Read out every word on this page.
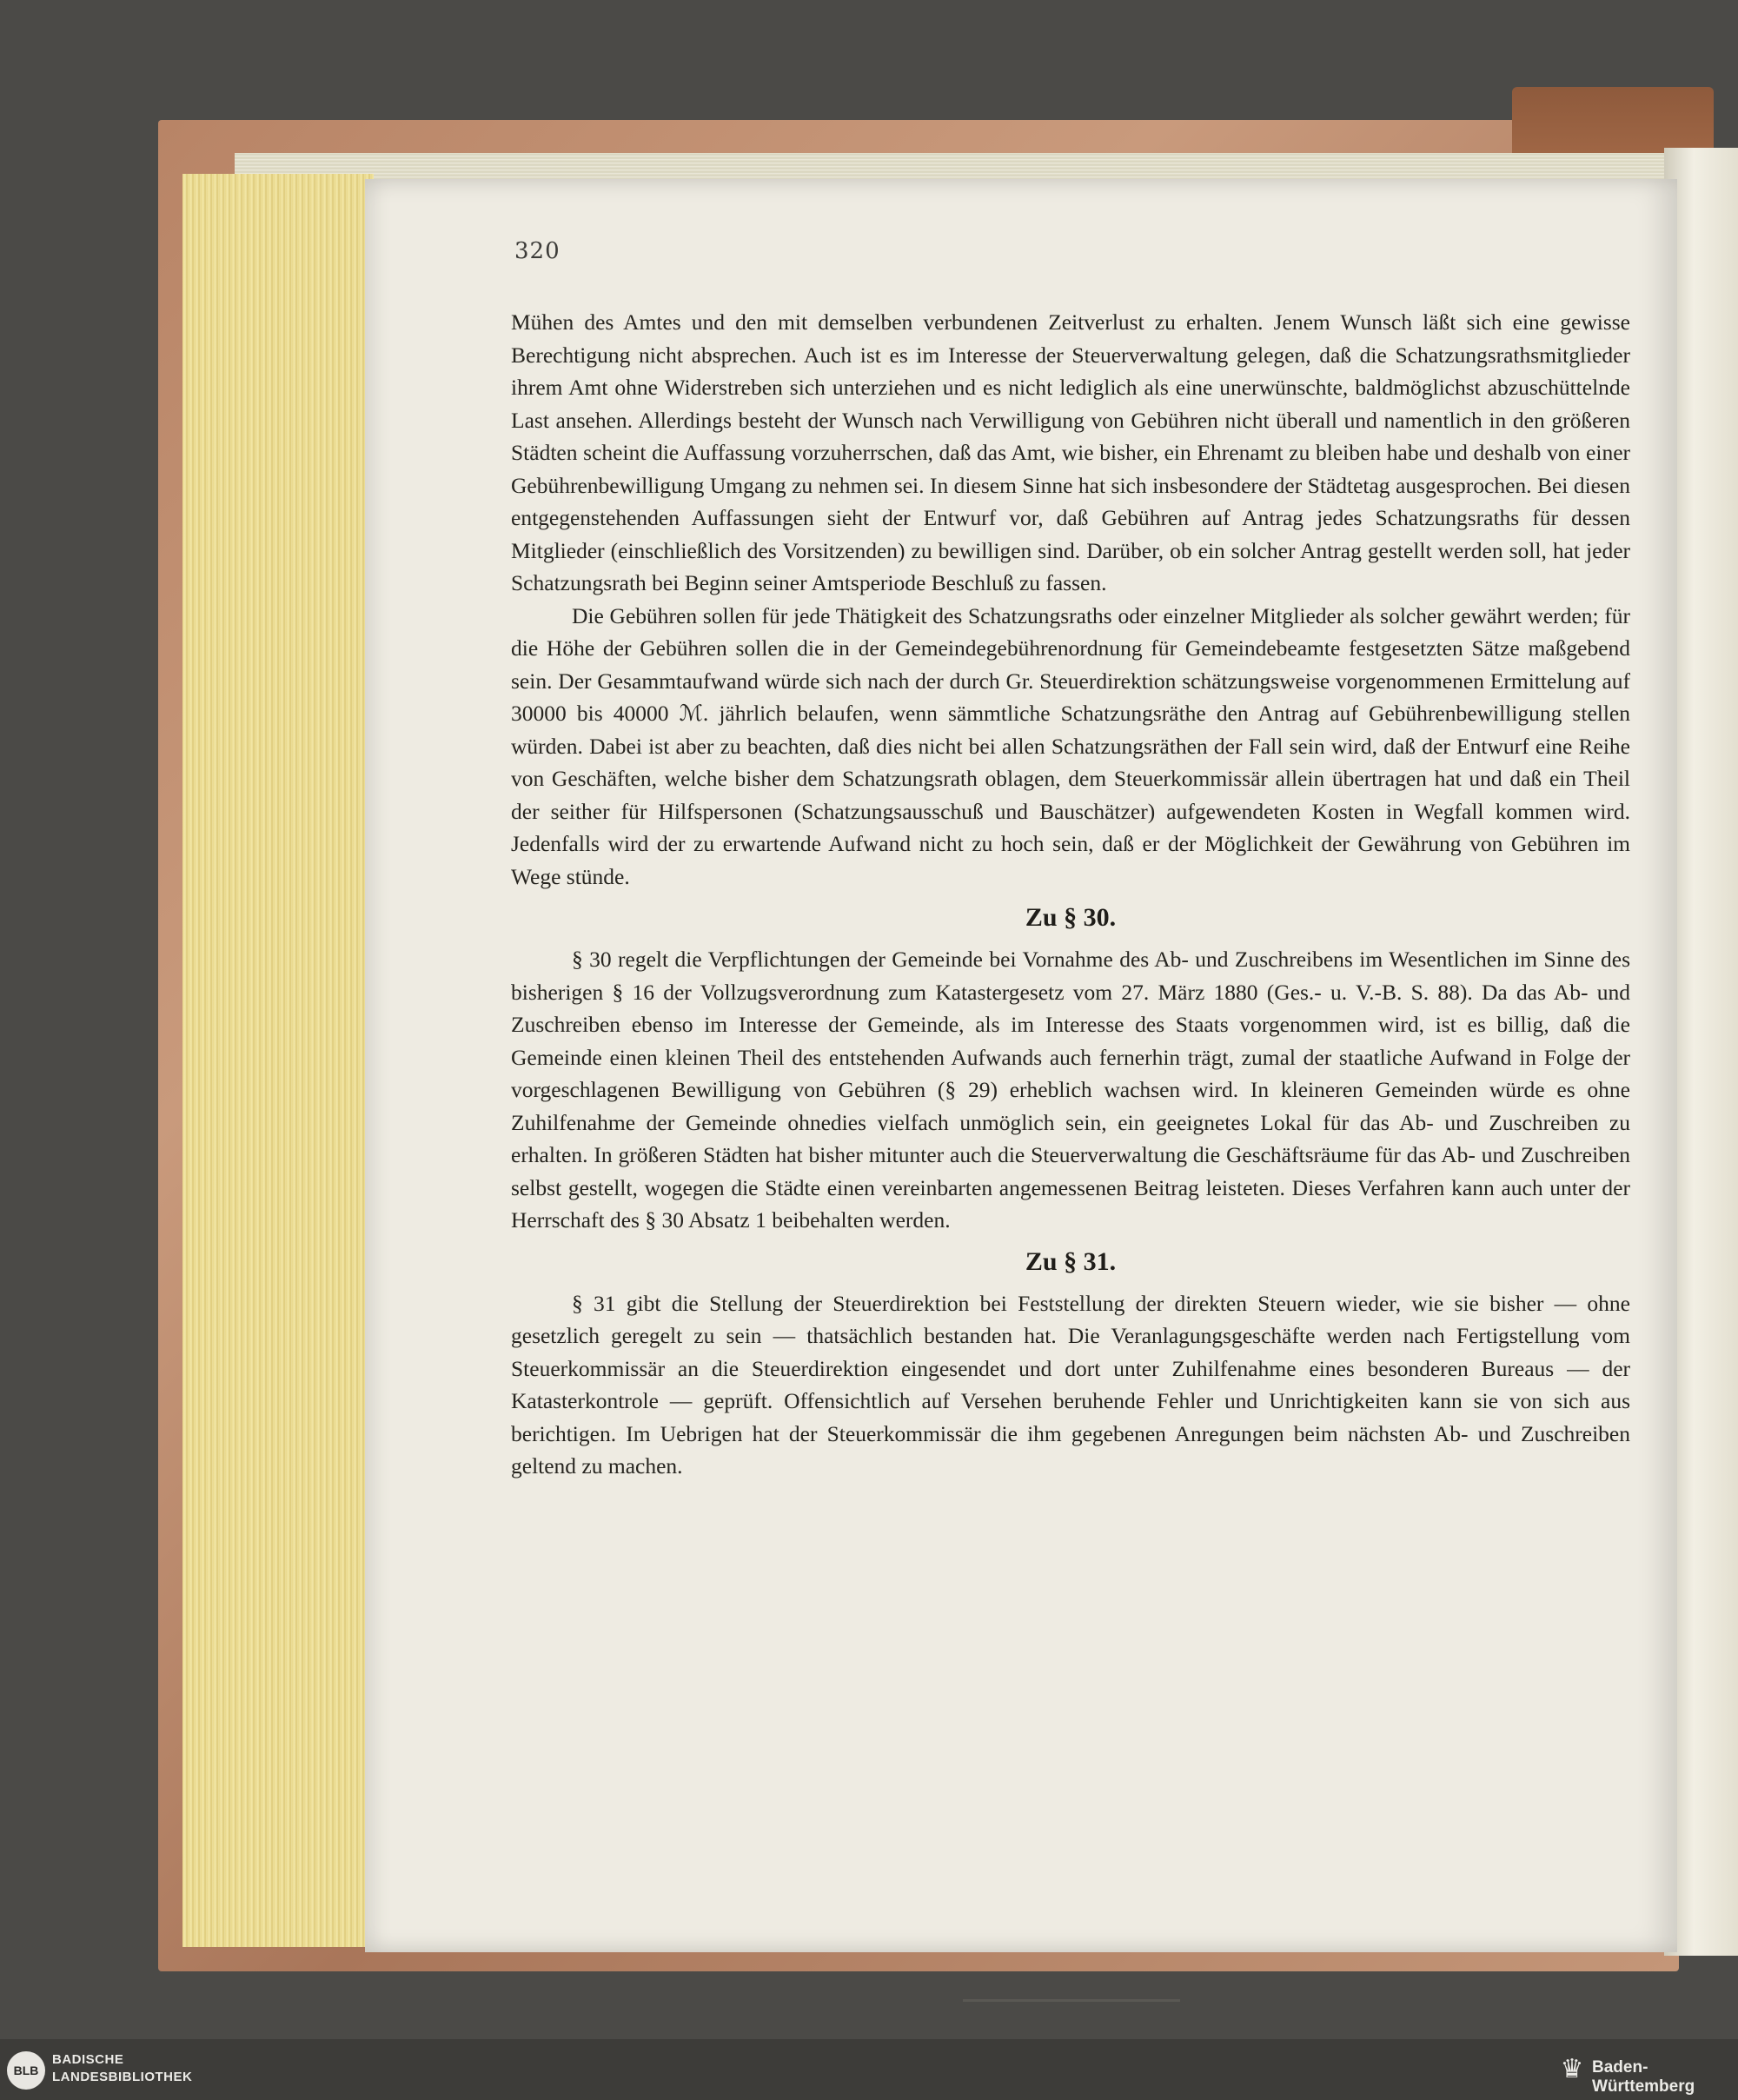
320

Mühen des Amtes und den mit demselben verbundenen Zeitverlust zu erhalten. Jenem Wunsch läßt sich eine gewisse Berechtigung nicht absprechen. Auch ist es im Interesse der Steuerverwaltung gelegen, daß die Schatzungsrathsmitglieder ihrem Amt ohne Widerstreben sich unterziehen und es nicht lediglich als eine unerwünschte, baldmöglichst abzuschüttelnde Last ansehen. Allerdings besteht der Wunsch nach Verwilligung von Gebühren nicht überall und namentlich in den größeren Städten scheint die Auffassung vorzuherrschen, daß das Amt, wie bisher, ein Ehrenamt zu bleiben habe und deshalb von einer Gebührenbewilligung Umgang zu nehmen sei. In diesem Sinne hat sich insbesondere der Städtetag ausgesprochen. Bei diesen entgegenstehenden Auffassungen sieht der Entwurf vor, daß Gebühren auf Antrag jedes Schatzungsraths für dessen Mitglieder (einschließlich des Vorsitzenden) zu bewilligen sind. Darüber, ob ein solcher Antrag gestellt werden soll, hat jeder Schatzungsrath bei Beginn seiner Amtsperiode Beschluß zu fassen.

Die Gebühren sollen für jede Thätigkeit des Schatzungsraths oder einzelner Mitglieder als solcher gewährt werden; für die Höhe der Gebühren sollen die in der Gemeindegebührenordnung für Gemeindebeamte festgesetzten Sätze maßgebend sein. Der Gesammtaufwand würde sich nach der durch Gr. Steuerdirektion schätzungsweise vorgenommenen Ermittelung auf 30000 bis 40000 ℳ. jährlich belaufen, wenn sämmtliche Schatzungsräthe den Antrag auf Gebührenbewilligung stellen würden. Dabei ist aber zu beachten, daß dies nicht bei allen Schatzungsräthen der Fall sein wird, daß der Entwurf eine Reihe von Geschäften, welche bisher dem Schatzungsrath oblagen, dem Steuerkommissär allein übertragen hat und daß ein Theil der seither für Hilfspersonen (Schatzungsausschuß und Bauschätzer) aufgewendeten Kosten in Wegfall kommen wird. Jedenfalls wird der zu erwartende Aufwand nicht zu hoch sein, daß er der Möglichkeit der Gewährung von Gebühren im Wege stünde.

Zu § 30.

§ 30 regelt die Verpflichtungen der Gemeinde bei Vornahme des Ab- und Zuschreibens im Wesentlichen im Sinne des bisherigen § 16 der Vollzugsverordnung zum Katastergesetz vom 27. März 1880 (Ges.- u. V.-B. S. 88). Da das Ab- und Zuschreiben ebenso im Interesse der Gemeinde, als im Interesse des Staats vorgenommen wird, ist es billig, daß die Gemeinde einen kleinen Theil des entstehenden Aufwands auch fernerhin trägt, zumal der staatliche Aufwand in Folge der vorgeschlagenen Bewilligung von Gebühren (§ 29) erheblich wachsen wird. In kleineren Gemeinden würde es ohne Zuhilfenahme der Gemeinde ohnedies vielfach unmöglich sein, ein geeignetes Lokal für das Ab- und Zuschreiben zu erhalten. In größeren Städten hat bisher mitunter auch die Steuerverwaltung die Geschäftsräume für das Ab- und Zuschreiben selbst gestellt, wogegen die Städte einen vereinbarten angemessenen Beitrag leisteten. Dieses Verfahren kann auch unter der Herrschaft des § 30 Absatz 1 beibehalten werden.

Zu § 31.

§ 31 gibt die Stellung der Steuerdirektion bei Feststellung der direkten Steuern wieder, wie sie bisher — ohne gesetzlich geregelt zu sein — thatsächlich bestanden hat. Die Veranlagungsgeschäfte werden nach Fertigstellung vom Steuerkommissär an die Steuerdirektion eingesendet und dort unter Zuhilfenahme eines besonderen Bureaus — der Katasterkontrole — geprüft. Offensichtlich auf Versehen beruhende Fehler und Unrichtigkeiten kann sie von sich aus berichtigen. Im Uebrigen hat der Steuerkommissär die ihm gegebenen Anregungen beim nächsten Ab- und Zuschreiben geltend zu machen.

BLB
BADISCHE
LANDESBIBLIOTHEK	♛ Baden-Württemberg
